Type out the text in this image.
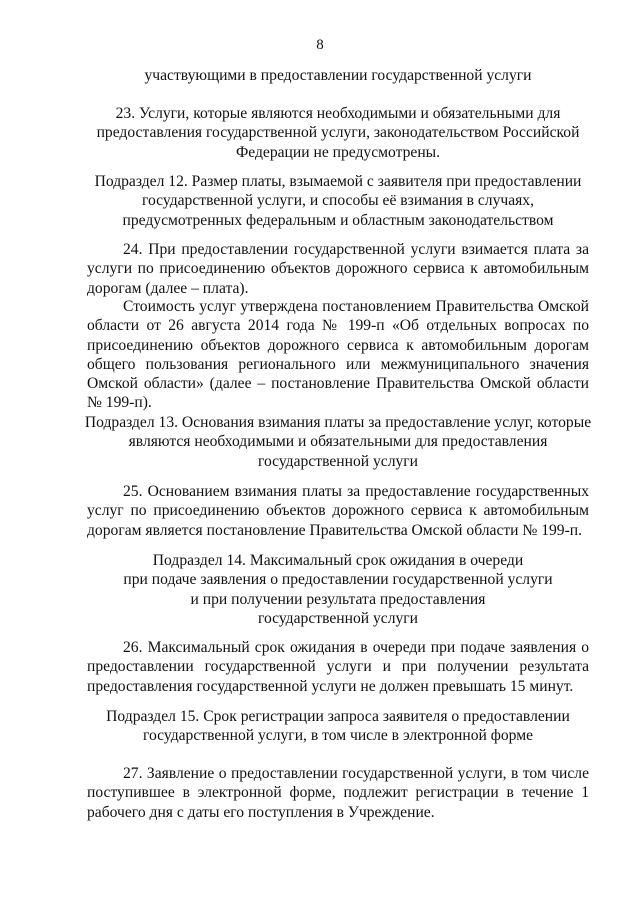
8
участвующими в предоставлении государственной услуги
23. Услуги, которые являются необходимыми и обязательными для
предоставления государственной услуги, законодательством Российской
Федерации не предусмотрены.
Подраздел 12. Размер платы, взымаемой с заявителя при предоставлении
государственной услуги, и способы её взимания в случаях,
предусмотренных федеральным и областным законодательством

24. При предоставлении государственной услуги взимается плата за услуги по присоединению объектов дорожного сервиса к автомобильным дорогам (далее – плата).

Стоимость услуг утверждена постановлением Правительства Омской области от 26 августа 2014 года № 199-п «Об отдельных вопросах по присоединению объектов дорожного сервиса к автомобильным дорогам общего пользования регионального или межмуниципального значения Омской области» (далее – постановление Правительства Омской области № 199-п).

Подраздел 13. Основания взимания платы за предоставление услуг, которые
являются необходимыми и обязательными для предоставления
государственной услуги

25. Основанием взимания платы за предоставление государственных услуг по присоединению объектов дорожного сервиса к автомобильным дорогам является постановление Правительства Омской области № 199-п.

Подраздел 14. Максимальный срок ожидания в очереди
при подаче заявления о предоставлении государственной услуги
и при получении результата предоставления
государственной услуги

26. Максимальный срок ожидания в очереди при подаче заявления о предоставлении государственной услуги и при получении результата предоставления государственной услуги не должен превышать 15 минут.

Подраздел 15. Срок регистрации запроса заявителя о предоставлении
государственной услуги, в том числе в электронной форме

27. Заявление о предоставлении государственной услуги, в том числе поступившее в электронной форме, подлежит регистрации в течение 1 рабочего дня с даты его поступления в Учреждение.
